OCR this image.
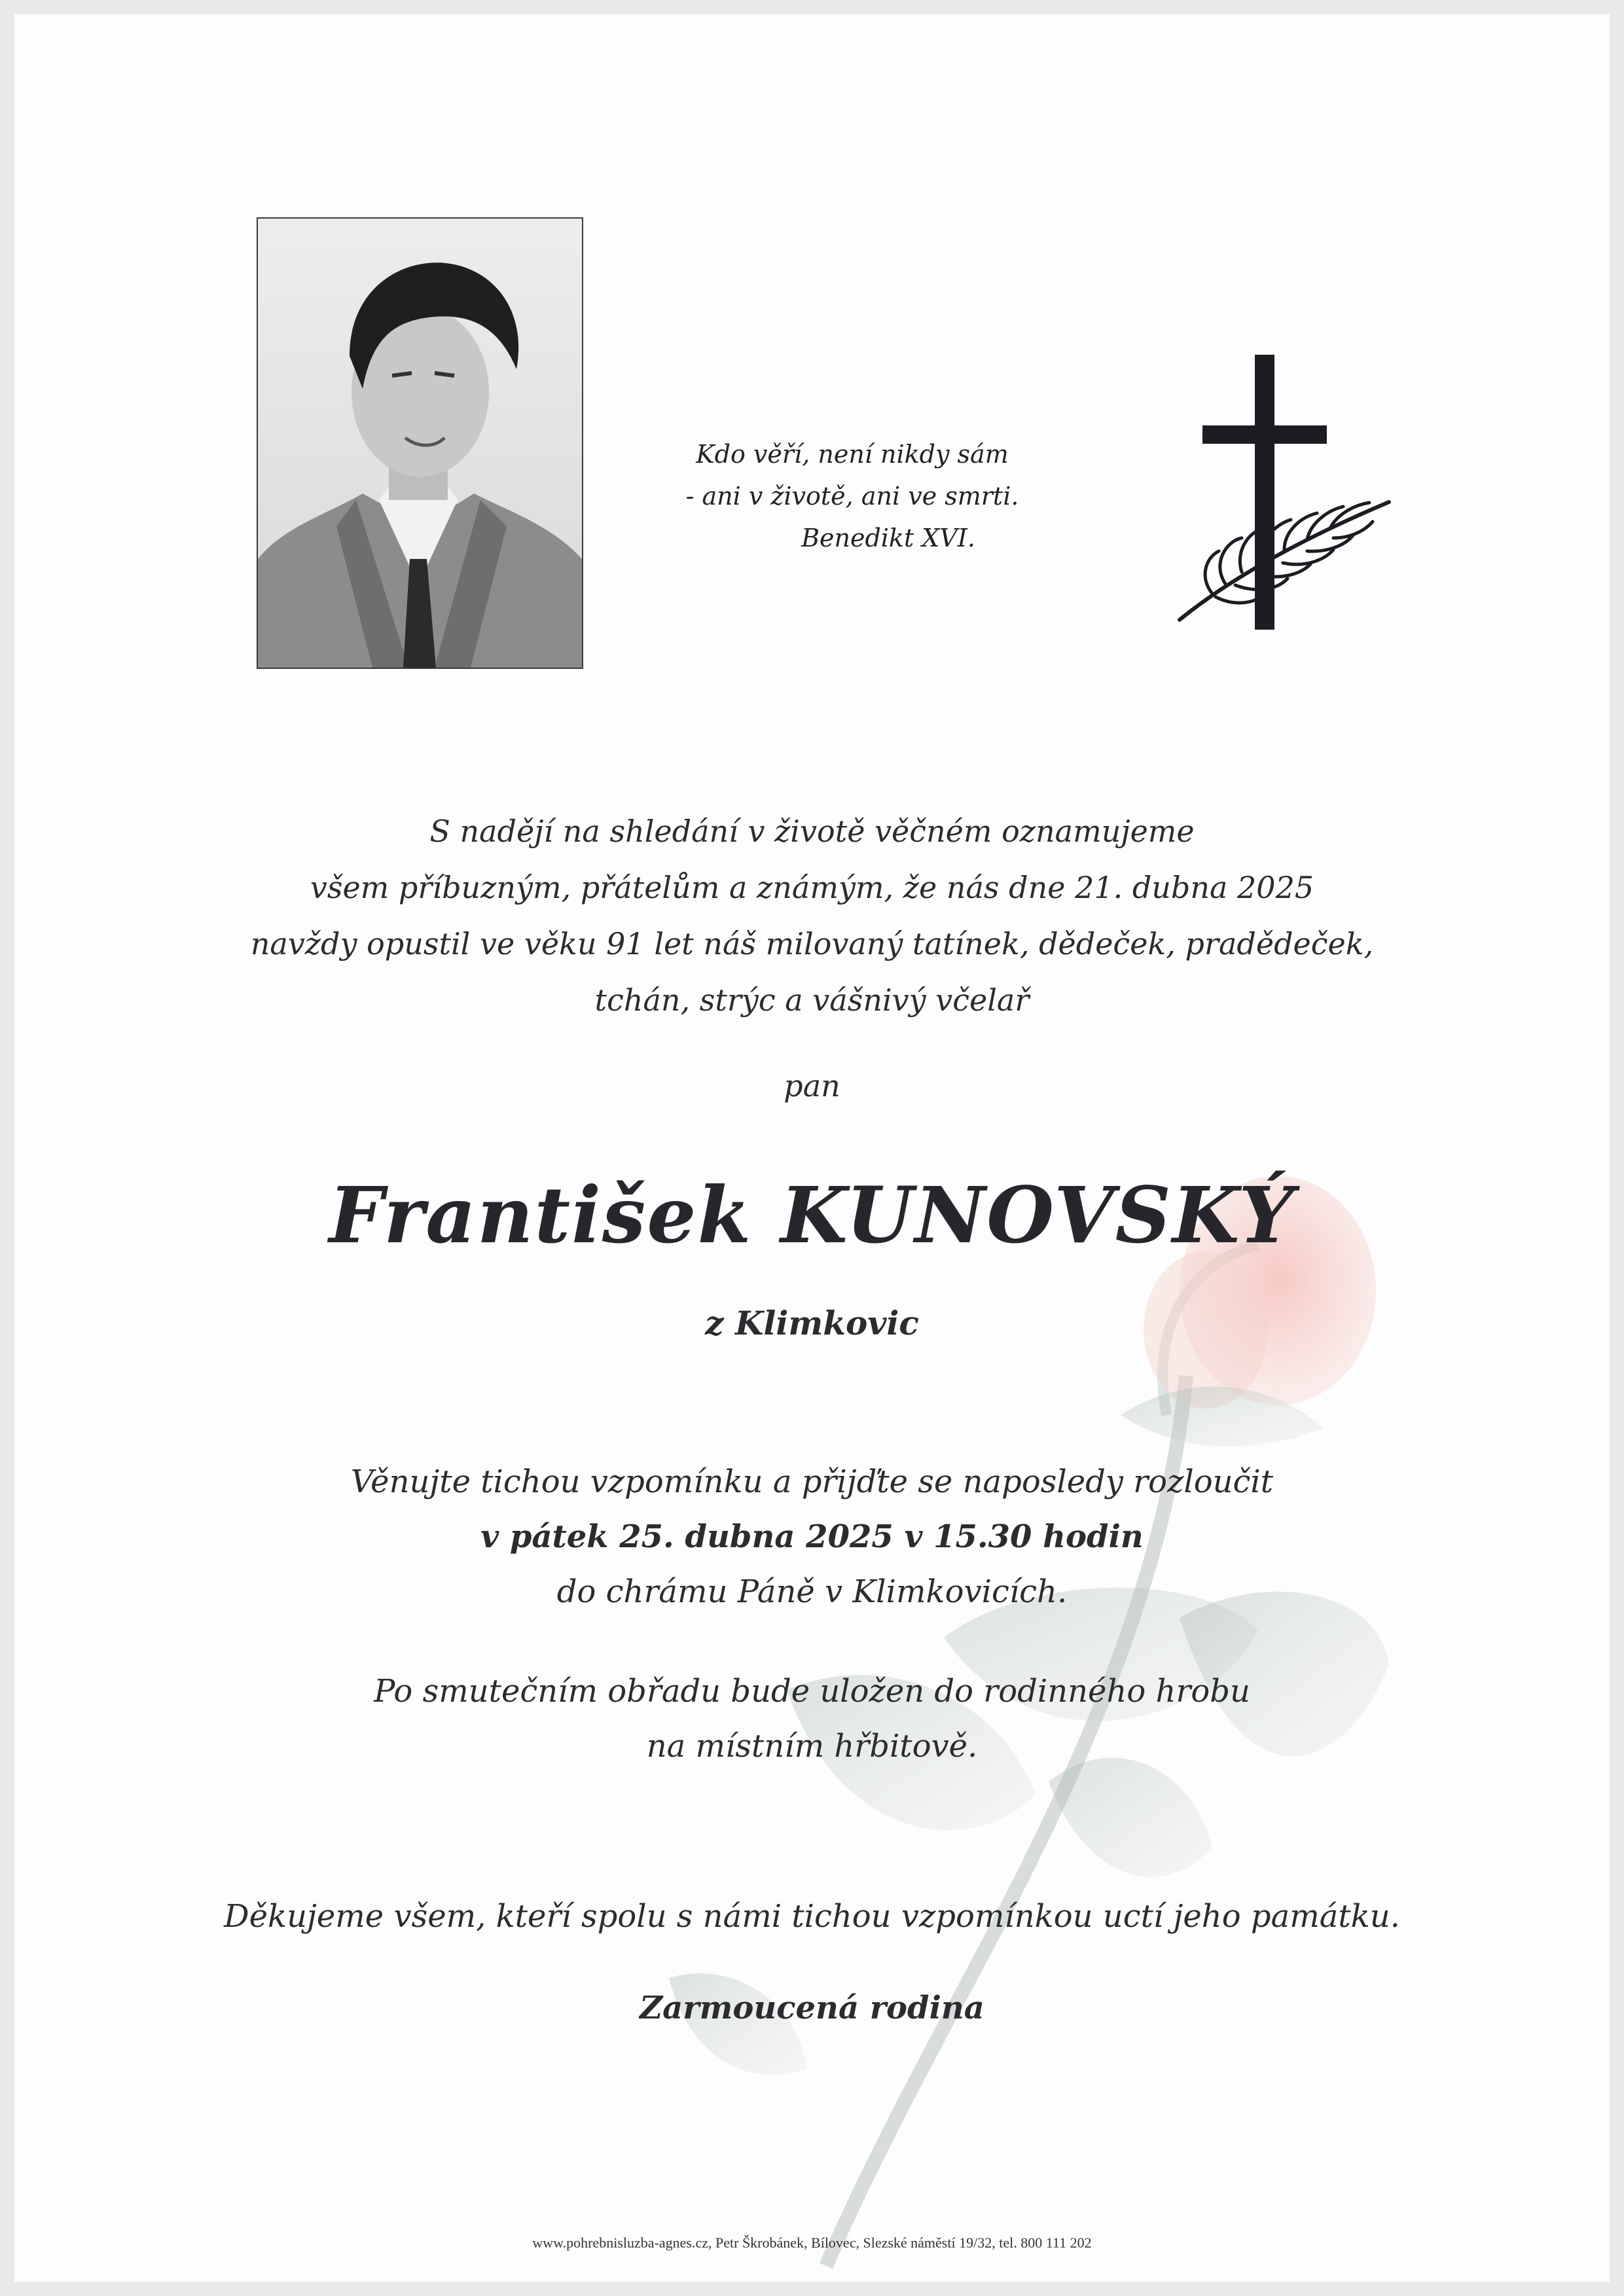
Kdo věří, není nikdy sám
- ani v životě, ani ve smrti.
Benedikt XVI.
S nadějí na shledání v životě věčném oznamujeme
všem příbuzným, přátelům a známým, že nás dne 21. dubna 2025
navždy opustil ve věku 91 let náš milovaný tatínek, dědeček, pradědeček,
tchán, strýc a vášnivý včelař
pan
František KUNOVSKÝ
z Klimkovic
Věnujte tichou vzpomínku a přijďte se naposledy rozloučit
v pátek 25. dubna 2025 v 15.30 hodin
do chrámu Páně v Klimkovicích.
Po smutečním obřadu bude uložen do rodinného hrobu
na místním hřbitově.
Děkujeme všem, kteří spolu s námi tichou vzpomínkou uctí jeho památku.
Zarmoucená rodina
www.pohrebnisluzba-agnes.cz, Petr Škrobánek, Bílovec, Slezské náměstí 19/32, tel. 800 111 202
